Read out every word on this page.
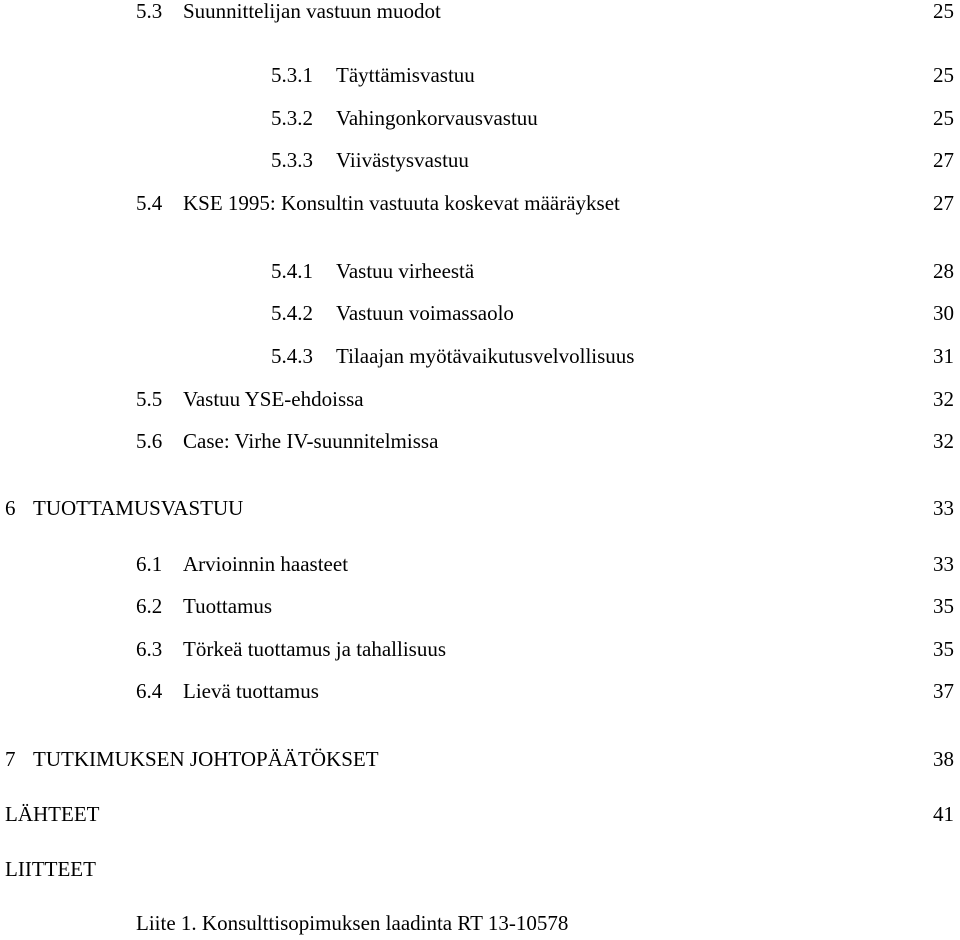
5.3 Suunnittelijan vastuun muodot	25
5.3.1 Täyttämisvastuu	25
5.3.2 Vahingonkorvausvastuu	25
5.3.3 Viivästysvastuu	27
5.4 KSE 1995: Konsultin vastuuta koskevat määräykset	27
5.4.1 Vastuu virheestä	28
5.4.2 Vastuun voimassaolo	30
5.4.3 Tilaajan myötävaikutusvelvollisuus	31
5.5 Vastuu YSE-ehdoissa	32
5.6 Case: Virhe IV-suunnitelmissa	32
6 TUOTTAMUSVASTUU	33
6.1 Arvioinnin haasteet	33
6.2 Tuottamus	35
6.3 Törkeä tuottamus ja tahallisuus	35
6.4 Lievä tuottamus	37
7 TUTKIMUKSEN JOHTOPÄÄTÖKSET	38
LÄHTEET	41
LIITTEET
Liite 1. Konsulttisopimuksen laadinta RT 13-10578
